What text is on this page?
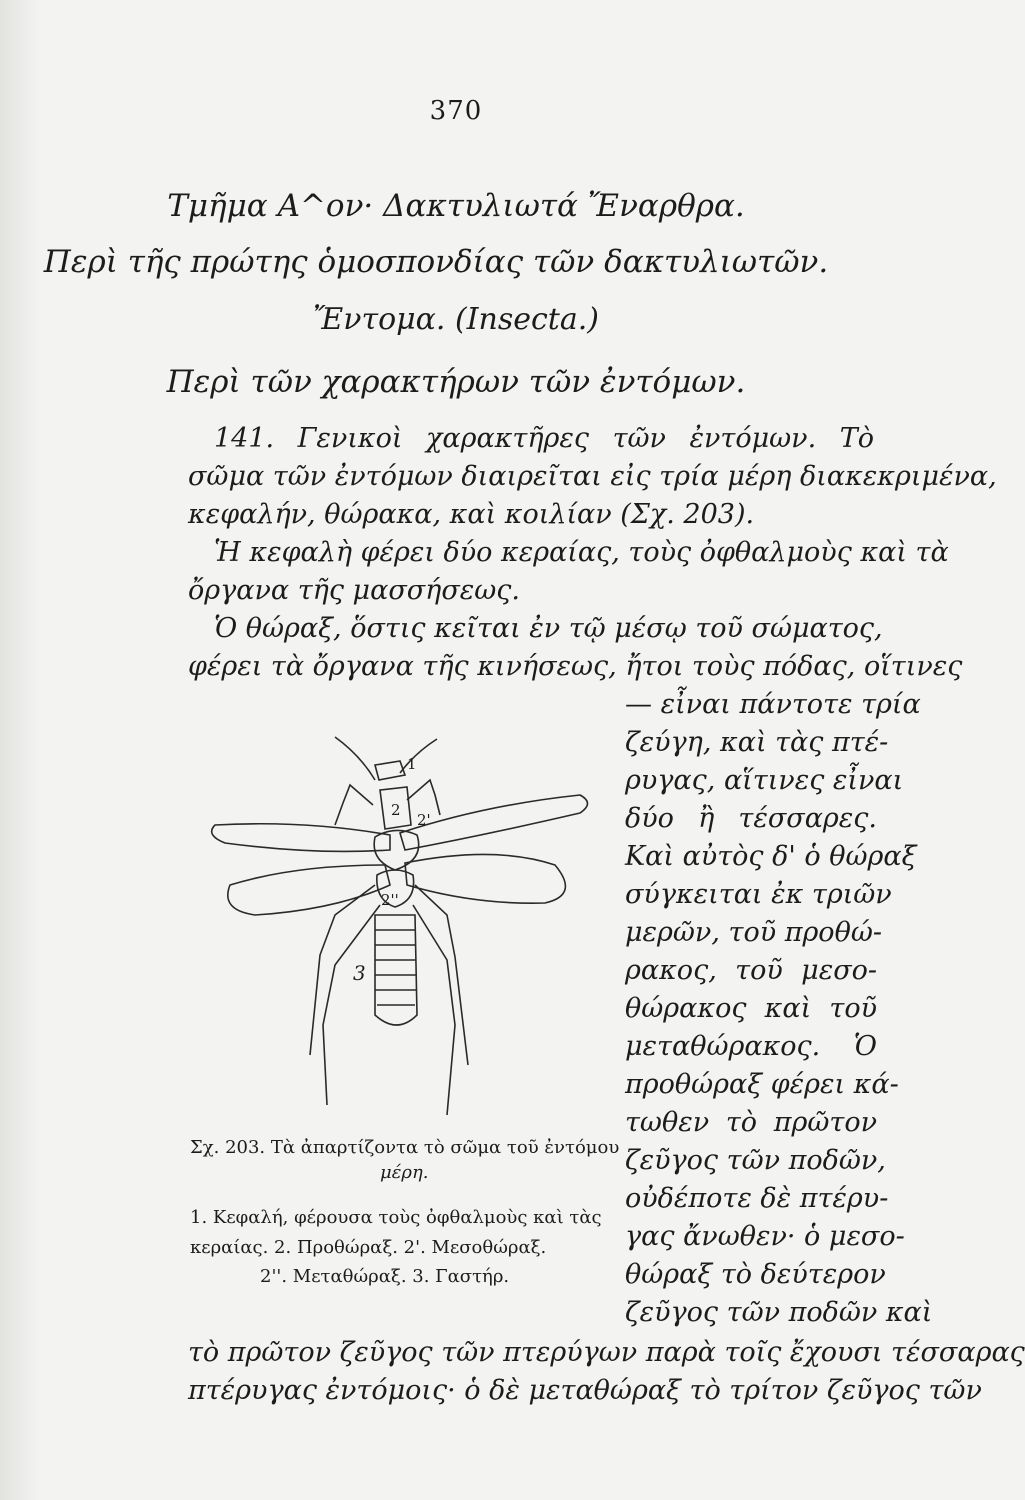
370
Τμῆμα Α^ον· Δακτυλιωτά Ἔναρθρα.
Περὶ τῆς πρώτης ὁμοσπονδίας τῶν δακτυλιωτῶν.
Ἔντομα. (Insecta.)
Περὶ τῶν χαρακτήρων τῶν ἐντόμων.
141. Γενικοὶ χαρακτῆρες τῶν ἐντόμων. Τὸ
σῶμα τῶν ἐντόμων διαιρεῖται εἰς τρία μέρη διακεκριμένα,
κεφαλήν, θώρακα, καὶ κοιλίαν (Σχ. 203).
Ἡ κεφαλὴ φέρει δύο κεραίας, τοὺς ὀφθαλμοὺς καὶ τὰ
ὄργανα τῆς μασσήσεως.
Ὁ θώραξ, ὅστις κεῖται ἐν τῷ μέσῳ τοῦ σώματος,
φέρει τὰ ὄργανα τῆς κινήσεως, ἤτοι τοὺς πόδας, οἵτινες
— εἶναι πάντοτε τρία
ζεύγη, καὶ τὰς πτέ-
ρυγας, αἵτινες εἶναι
δύο ἢ τέσσαρες.
Καὶ αὐτὸς δ' ὁ θώραξ
σύγκειται ἐκ τριῶν
μερῶν, τοῦ προθώ-
ρακος, τοῦ μεσο-
θώρακος καὶ τοῦ
μεταθώρακος. Ὁ
προθώραξ φέρει κά-
τωθεν τὸ πρῶτον
ζεῦγος τῶν ποδῶν,
οὐδέποτε δὲ πτέρυ-
γας ἄνωθεν· ὁ μεσο-
θώραξ τὸ δεύτερον
ζεῦγος τῶν ποδῶν καὶ
τὸ πρῶτον ζεῦγος τῶν πτερύγων παρὰ τοῖς ἔχουσι τέσσαρας
πτέρυγας ἐντόμοις· ὁ δὲ μεταθώραξ τὸ τρίτον ζεῦγος τῶν
1
2
2'
2''
3
Σχ. 203. Τὰ ἀπαρτίζοντα τὸ σῶμα τοῦ ἐντόμου
μέρη.
1. Κεφαλή, φέρουσα τοὺς ὀφθαλμοὺς καὶ τὰς
κεραίας. 2. Προθώραξ. 2'. Μεσοθώραξ.
2''. Μεταθώραξ. 3. Γαστήρ.
